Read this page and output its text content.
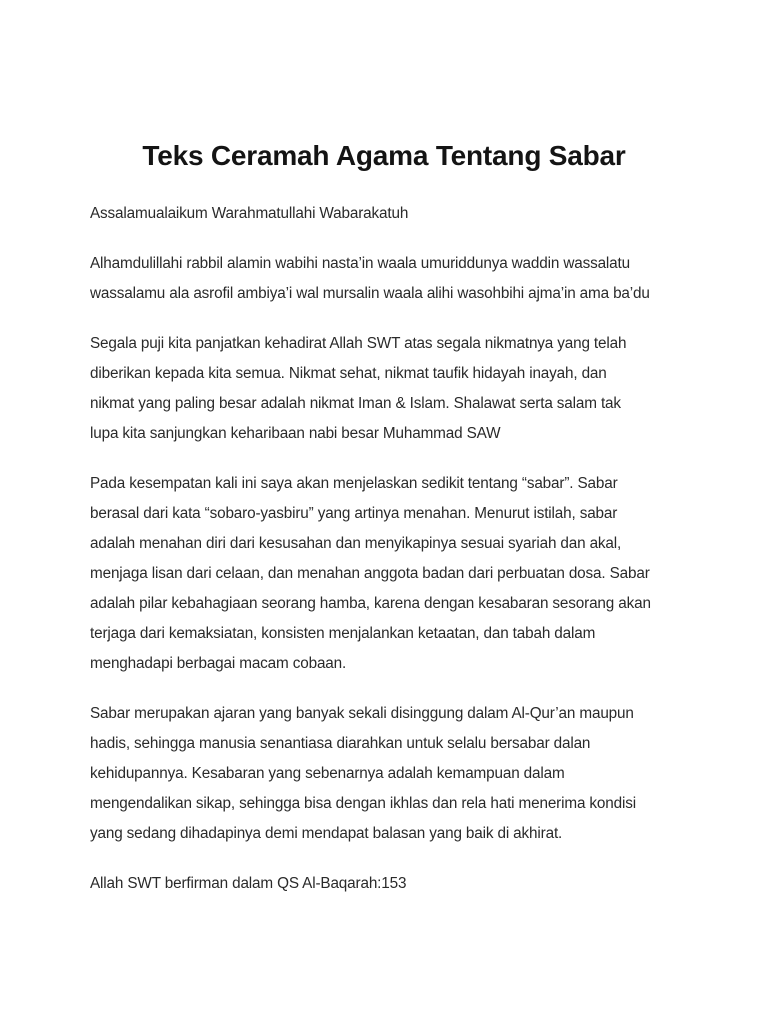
Teks Ceramah Agama Tentang Sabar

Assalamualaikum Warahmatullahi Wabarakatuh

Alhamdulillahi rabbil alamin wabihi nasta’in waala umuriddunya waddin wassalatu
wassalamu ala asrofil ambiya’i wal mursalin waala alihi wasohbihi ajma’in ama ba’du

Segala puji kita panjatkan kehadirat Allah SWT atas segala nikmatnya yang telah
diberikan kepada kita semua. Nikmat sehat, nikmat taufik hidayah inayah, dan
nikmat yang paling besar adalah nikmat Iman & Islam. Shalawat serta salam tak
lupa kita sanjungkan keharibaan nabi besar Muhammad SAW

Pada kesempatan kali ini saya akan menjelaskan sedikit tentang “sabar”. Sabar
berasal dari kata “sobaro-yasbiru” yang artinya menahan. Menurut istilah, sabar
adalah menahan diri dari kesusahan dan menyikapinya sesuai syariah dan akal,
menjaga lisan dari celaan, dan menahan anggota badan dari perbuatan dosa. Sabar
adalah pilar kebahagiaan seorang hamba, karena dengan kesabaran sesorang akan
terjaga dari kemaksiatan, konsisten menjalankan ketaatan, dan tabah dalam
menghadapi berbagai macam cobaan.

Sabar merupakan ajaran yang banyak sekali disinggung dalam Al-Qur’an maupun
hadis, sehingga manusia senantiasa diarahkan untuk selalu bersabar dalan
kehidupannya. Kesabaran yang sebenarnya adalah kemampuan dalam
mengendalikan sikap, sehingga bisa dengan ikhlas dan rela hati menerima kondisi
yang sedang dihadapinya demi mendapat balasan yang baik di akhirat.

Allah SWT berfirman dalam QS Al-Baqarah:153
